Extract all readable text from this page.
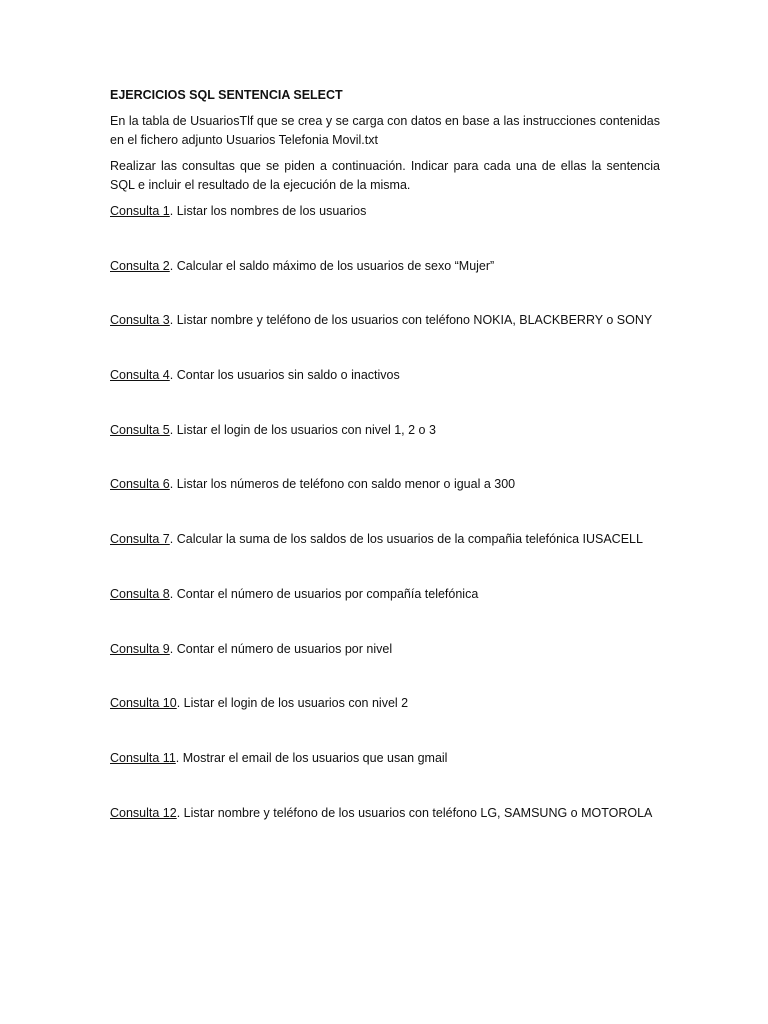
EJERCICIOS SQL SENTENCIA SELECT
En la tabla de UsuariosTlf que se crea y se carga con datos en base a las instrucciones contenidas en el fichero adjunto Usuarios Telefonia Movil.txt
Realizar las consultas que se piden a continuación. Indicar para cada una de ellas la sentencia SQL e incluir el resultado de la ejecución de la misma.
Consulta 1. Listar los nombres de los usuarios
Consulta 2. Calcular el saldo máximo de los usuarios de sexo “Mujer”
Consulta 3. Listar nombre y teléfono de los usuarios con teléfono NOKIA, BLACKBERRY o SONY
Consulta 4. Contar los usuarios sin saldo o inactivos
Consulta 5. Listar el login de los usuarios con nivel 1, 2 o 3
Consulta 6. Listar los números de teléfono con saldo menor o igual a 300
Consulta 7. Calcular la suma de los saldos de los usuarios de la compañia telefónica IUSACELL
Consulta 8. Contar el número de usuarios por compañía telefónica
Consulta 9. Contar el número de usuarios por nivel
Consulta 10. Listar el login de los usuarios con nivel 2
Consulta 11. Mostrar el email de los usuarios que usan gmail
Consulta 12. Listar nombre y teléfono de los usuarios con teléfono LG, SAMSUNG o MOTOROLA
